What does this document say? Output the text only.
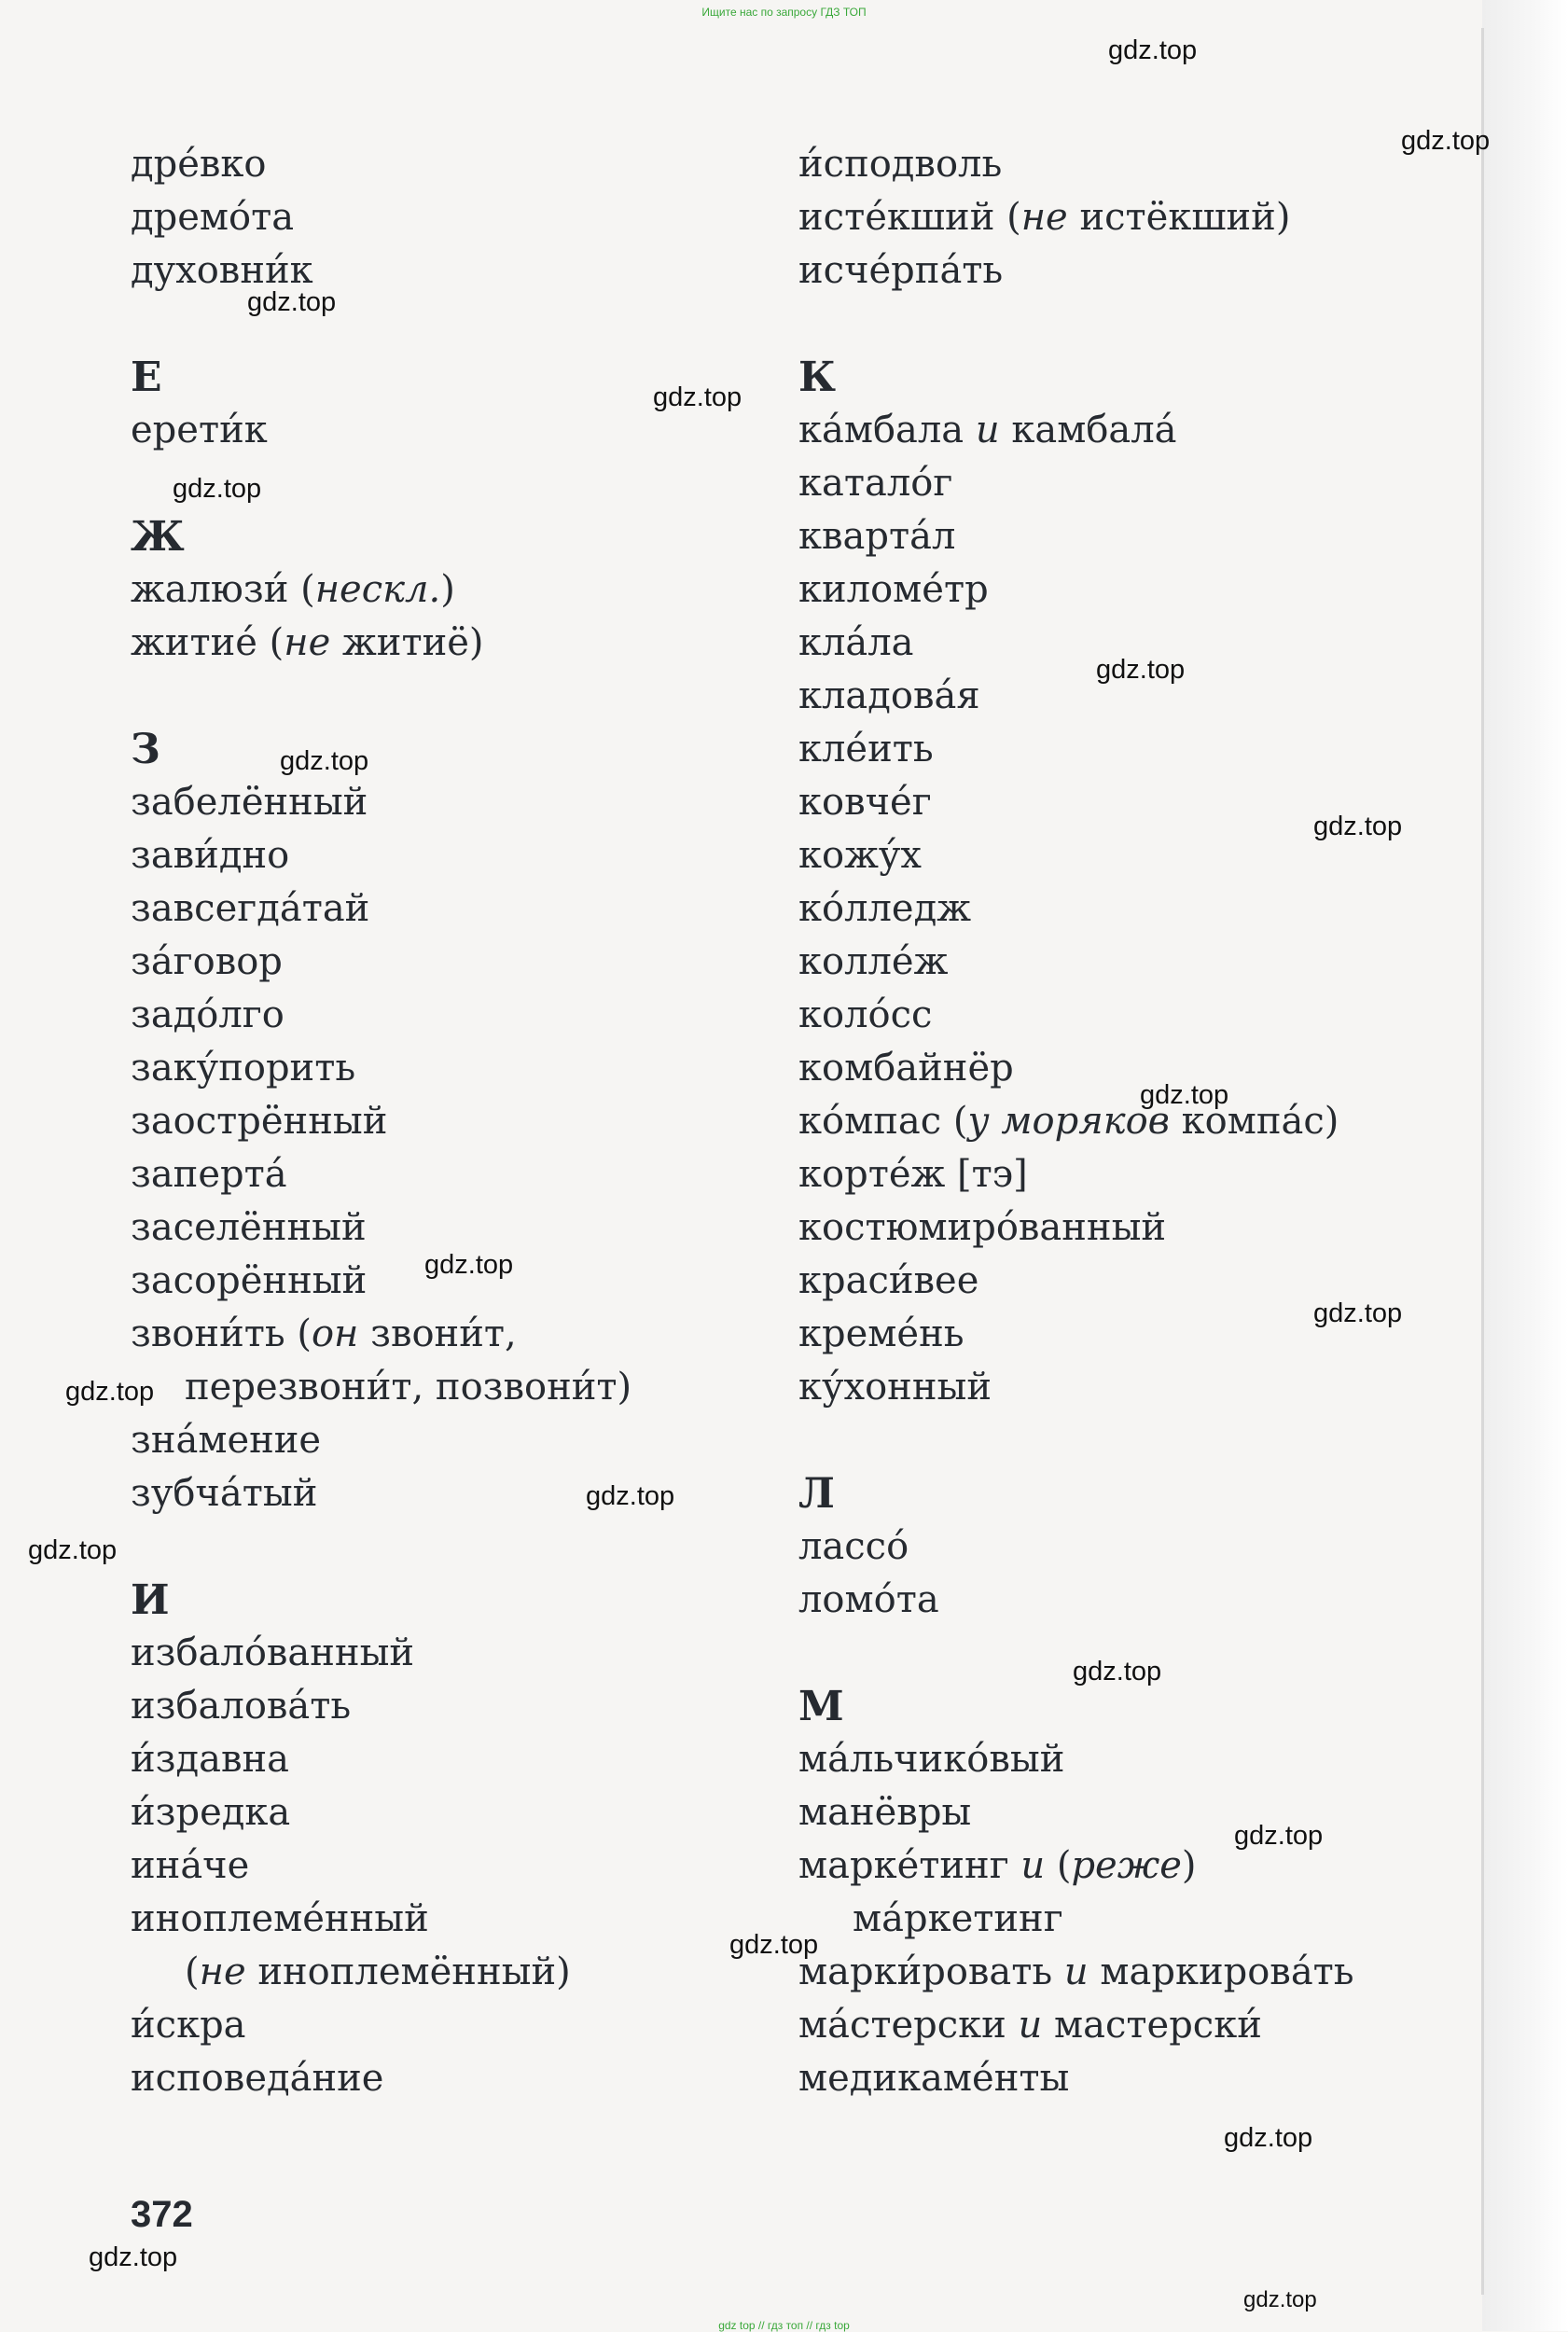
Ищите нас по запросу ГДЗ ТОП
дре́вко
дремо́та
духовни́к
Е
ерети́к
Ж
жалюзи́ (нескл.)
житие́ (не житиё)
З
забелённый
зави́дно
завсегда́тай
за́говор
задо́лго
заку́порить
заострённый
заперта́
заселённый
засорённый
звони́ть (он звони́т,
перезвони́т, позвони́т)
зна́мение
зубча́тый
И
избало́ванный
избалова́ть
и́здавна
и́зредка
ина́че
иноплеме́нный
(не иноплемённый)
и́скра
исповеда́ние
и́сподволь
исте́кший (не истёкший)
исче́рпа́ть
К
ка́мбала и камбала́
катало́г
кварта́л
киломе́тр
кла́ла
кладова́я
кле́ить
ковче́г
кожу́х
ко́лледж
колле́ж
коло́сс
комбайнёр
ко́мпас (у моряков компа́с)
корте́ж [тэ]
костюмиро́ванный
краси́вее
креме́нь
ку́хонный
Л
лассо́
ломо́та
М
ма́льчико́вый
манёвры
марке́тинг и (реже)
ма́ркетинг
марки́ровать и маркирова́ть
ма́стерски и мастерски́
медикаме́нты
372
gdz.top
gdz.top
gdz.top
gdz.top
gdz.top
gdz.top
gdz.top
gdz.top
gdz.top
gdz.top
gdz.top
gdz.top
gdz.top
gdz.top
gdz.top
gdz.top
gdz.top
gdz.top
gdz.top
gdz.top
gdz top // гдз топ // гдз top
